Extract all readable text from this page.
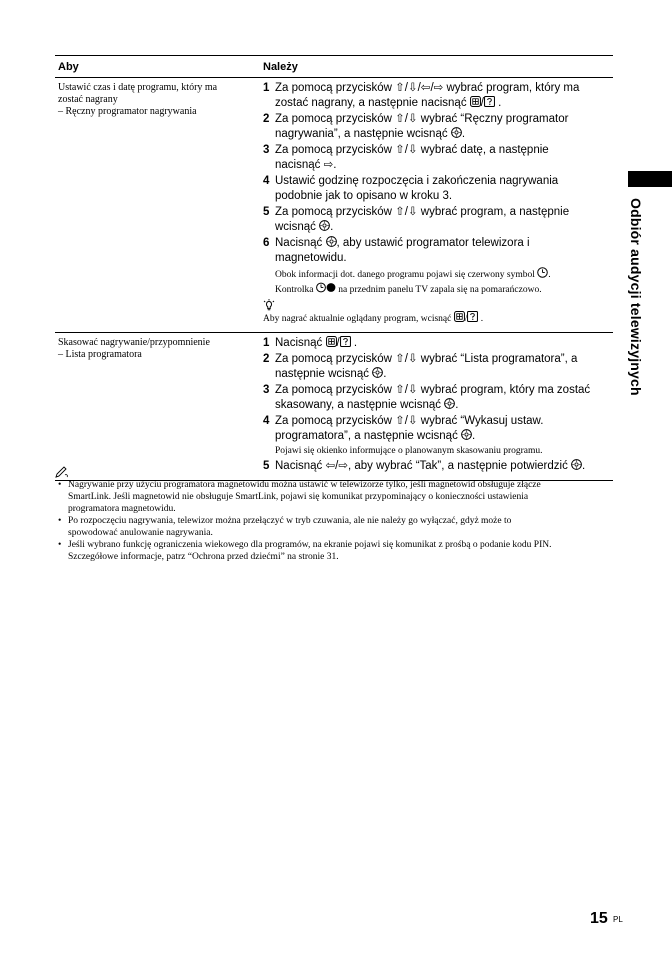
Aby	Należy
Ustawić czas i datę programu, który ma
zostać nagrany
– Ręczny programator nagrywania
1 Za pomocą przycisków ⇧/⇩/⇦/⇨ wybrać program, który ma
zostać nagrany, a następnie nacisnąć /
.
2 Za pomocą przycisków ⇧/⇩ wybrać “Ręczny programator
nagrywania”, a następnie wcisnąć .
3 Za pomocą przycisków ⇧/⇩ wybrać datę, a następnie
nacisnąć ⇨.
4 Ustawić godzinę rozpoczęcia i zakończenia nagrywania
podobnie jak to opisano w kroku 3.
5 Za pomocą przycisków ⇧/⇩ wybrać program, a następnie
wcisnąć .
6 Nacisnąć , aby ustawić programator telewizora i
magnetowidu.
Obok informacji dot. danego programu pojawi się czerwony symbol .
Kontrolka	na przednim panelu TV zapala się na pomarańczowo.
Aby nagrać aktualnie oglądany program, wcisnąć /
.
Skasować nagrywanie/przypomnienie
– Lista programatora
1 Nacisnąć /
.
2 Za pomocą przycisków ⇧/⇩ wybrać “Lista programatora”, a
następnie wcisnąć .
3 Za pomocą przycisków ⇧/⇩ wybrać program, który ma zostać
skasowany, a następnie wcisnąć .
4 Za pomocą przycisków ⇧/⇩ wybrać “Wykasuj ustaw.
programatora”, a następnie wcisnąć .
Pojawi się okienko informujące o planowanym skasowaniu programu.
5 Nacisnąć ⇦/⇨, aby wybrać “Tak”, a następnie potwierdzić .
• Nagrywanie przy użyciu programatora magnetowidu można ustawić w telewizorze tylko, jeśli magnetowid obsługuje złącze
SmartLink. Jeśli magnetowid nie obsługuje SmartLink, pojawi się komunikat przypominający o konieczności ustawienia
programatora magnetowidu.
• Po rozpoczęciu nagrywania, telewizor można przełączyć w tryb czuwania, ale nie należy go wyłączać, gdyż może to
spowodować anulowanie nagrywania.
• Jeśli wybrano funkcję ograniczenia wiekowego dla programów, na ekranie pojawi się komunikat z prośbą o podanie kodu PIN.
Szczegółowe informacje, patrz “Ochrona przed dziećmi” na stronie 31.
Odbiór audycji telewizyjnych
15 PL
